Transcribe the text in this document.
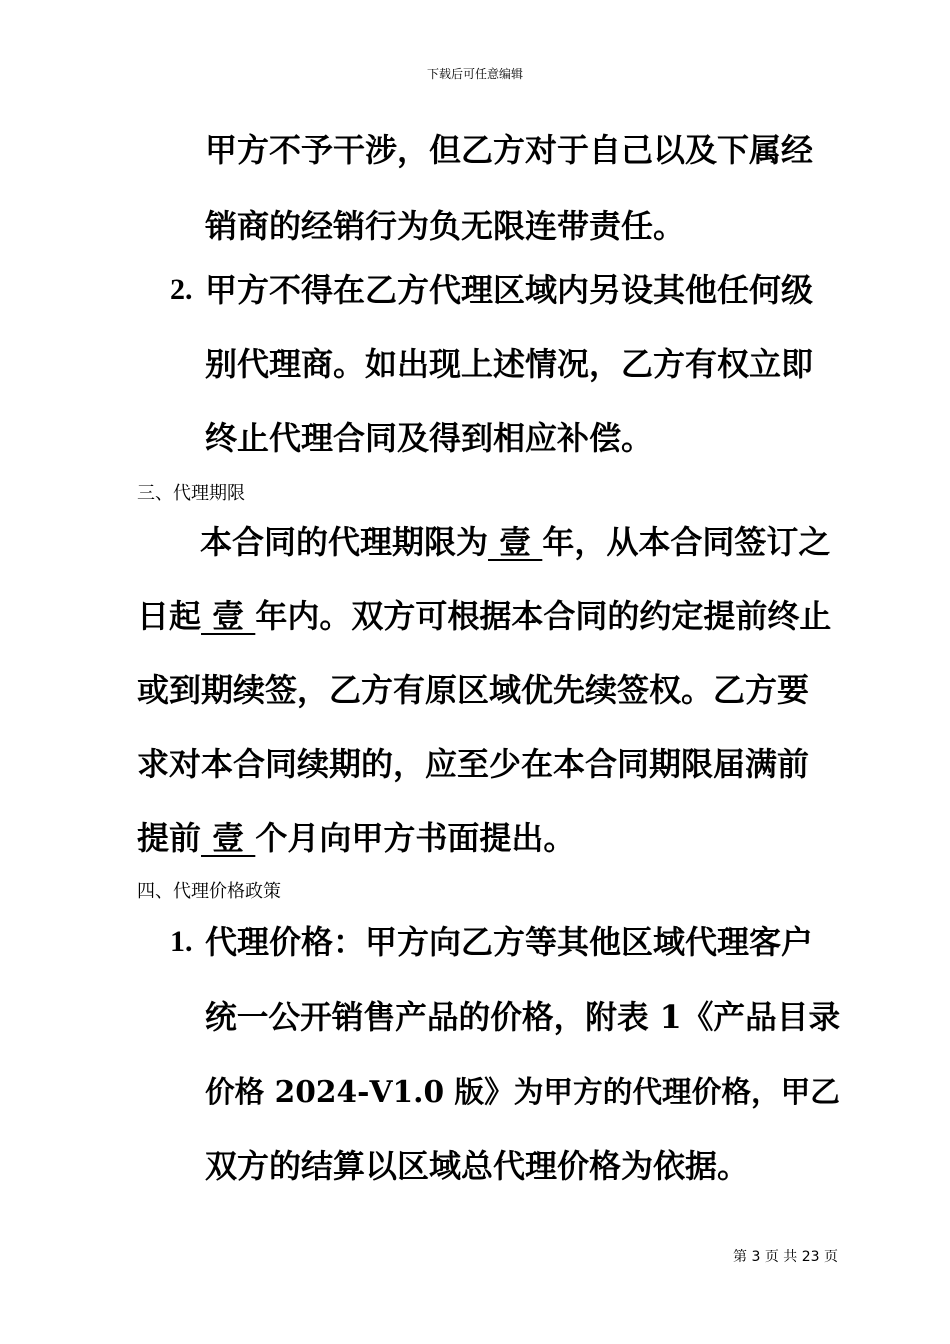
下载后可任意编辑
甲方不予干涉，但乙方对于自己以及下属经
销商的经销行为负无限连带责任。
2. 甲方不得在乙方代理区域内另设其他任何级
别代理商。如出现上述情况，乙方有权立即
终止代理合同及得到相应补偿。
三、代理期限
本合同的代理期限为 壹 年，从本合同签订之
日起 壹 年内。双方可根据本合同的约定提前终止
或到期续签，乙方有原区域优先续签权。乙方要
求对本合同续期的，应至少在本合同期限届满前
提前 壹 个月向甲方书面提出。
四、代理价格政策
1. 代理价格：甲方向乙方等其他区域代理客户
统一公开销售产品的价格，附表 1《产品目录
价格 2024-V1.0 版》为甲方的代理价格，甲乙
双方的结算以区域总代理价格为依据。
第 3 页 共 23 页
